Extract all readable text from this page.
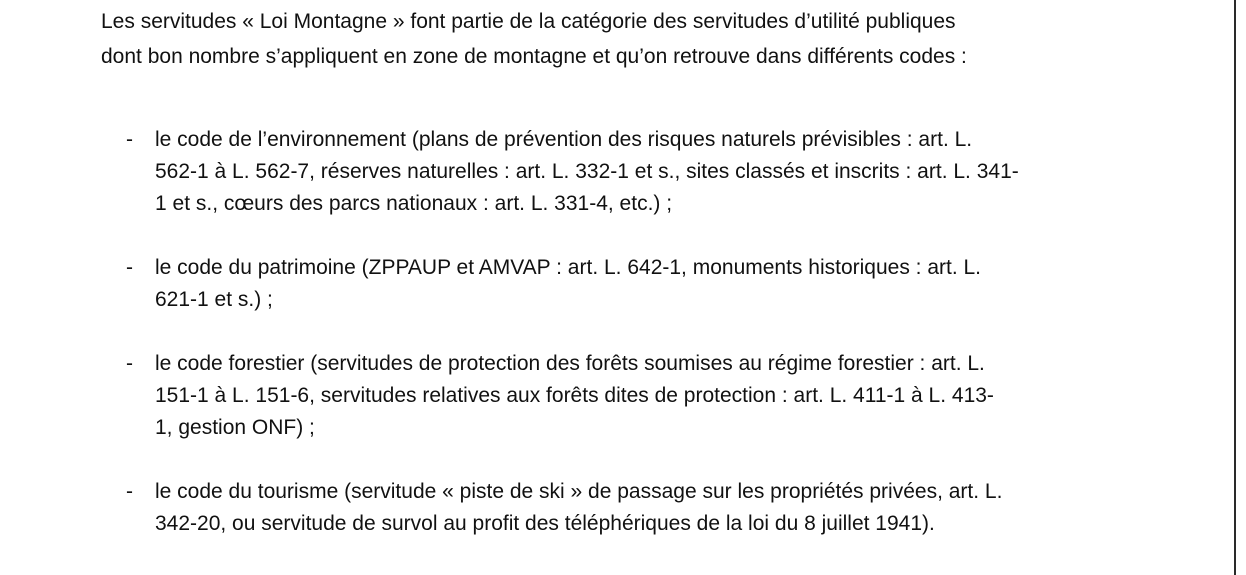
Les servitudes « Loi Montagne » font partie de la catégorie des servitudes d’utilité publiques
dont bon nombre s’appliquent en zone de montagne et qu’on retrouve dans différents codes :

- le code de l’environnement (plans de prévention des risques naturels prévisibles : art. L.
562-1 à L. 562-7, réserves naturelles : art. L. 332-1 et s., sites classés et inscrits : art. L. 341-
1 et s., cœurs des parcs nationaux : art. L. 331-4, etc.) ;
- le code du patrimoine (ZPPAUP et AMVAP : art. L. 642-1, monuments historiques : art. L.
621-1 et s.) ;
- le code forestier (servitudes de protection des forêts soumises au régime forestier : art. L.
151-1 à L. 151-6, servitudes relatives aux forêts dites de protection : art. L. 411-1 à L. 413-
1, gestion ONF) ;
- le code du tourisme (servitude « piste de ski » de passage sur les propriétés privées, art. L.
342-20, ou servitude de survol au profit des téléphériques de la loi du 8 juillet 1941).
